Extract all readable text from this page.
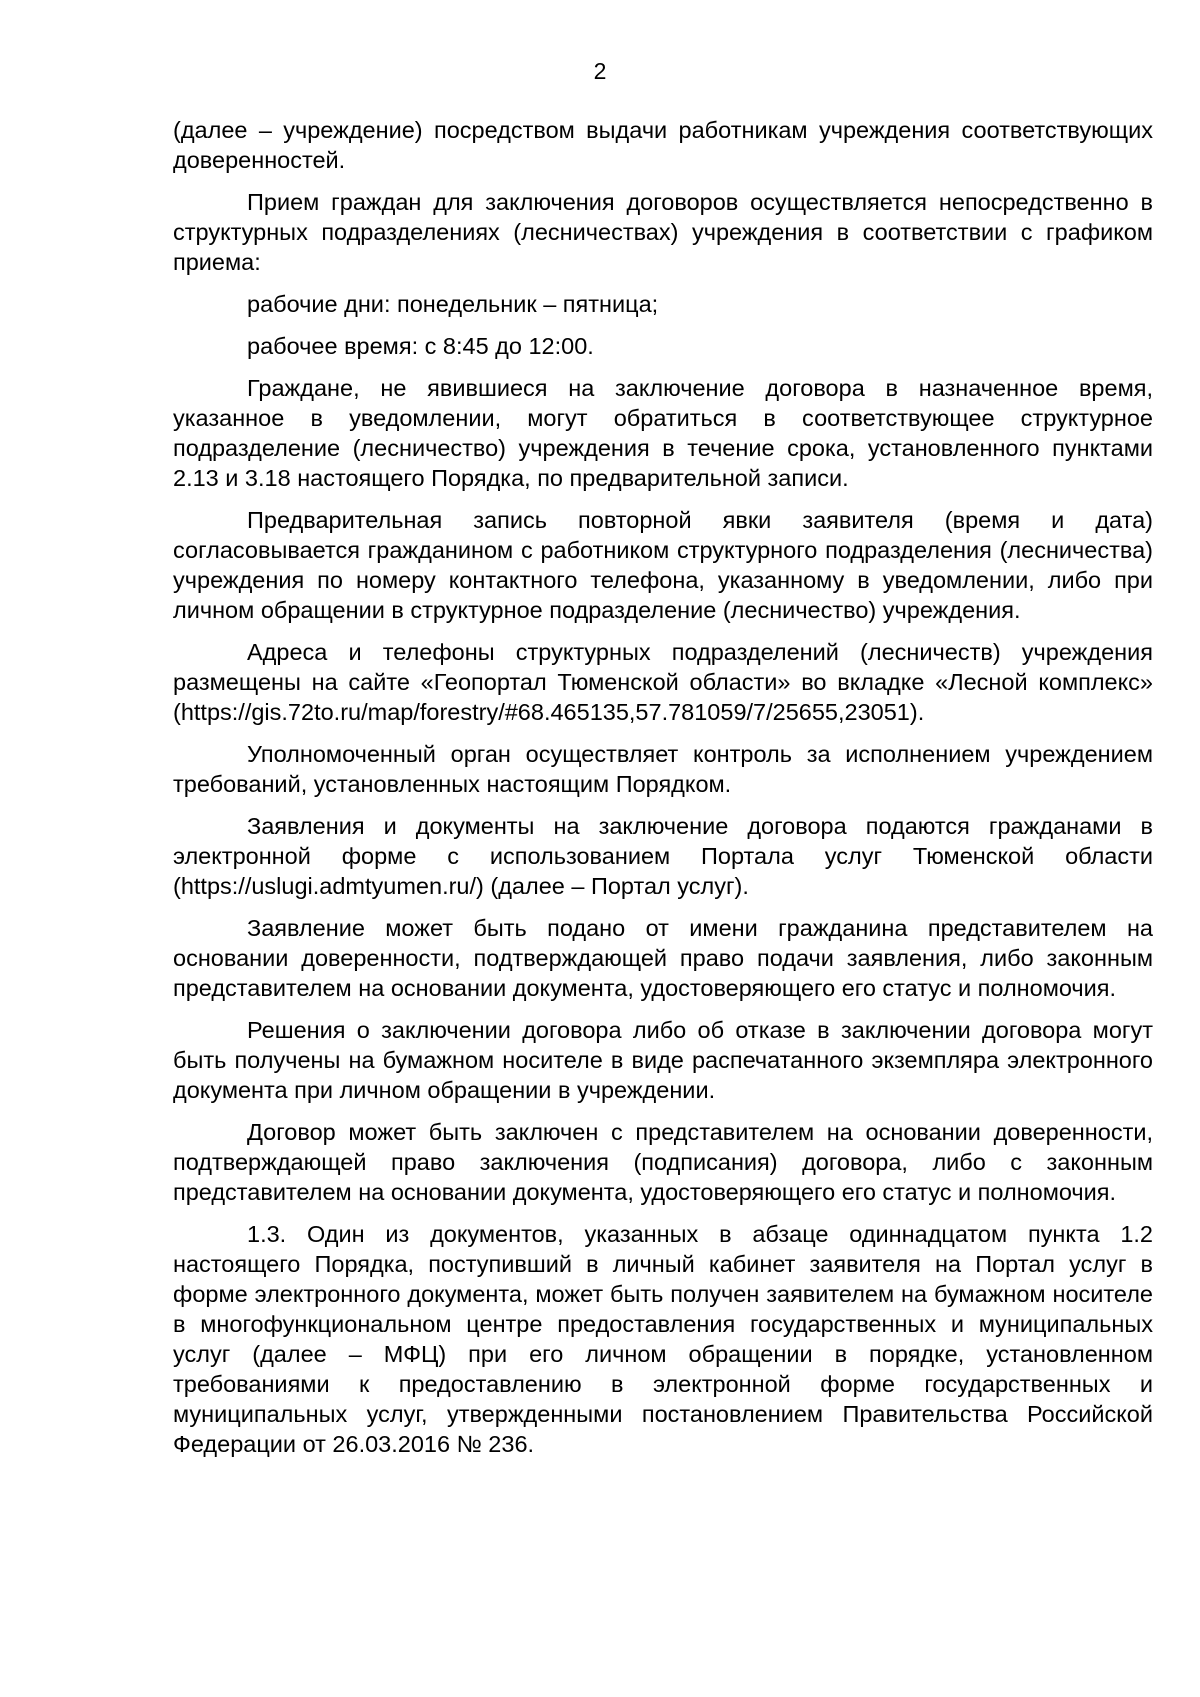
2

(далее – учреждение) посредством выдачи работникам учреждения соответствующих доверенностей.

Прием граждан для заключения договоров осуществляется непосредственно в структурных подразделениях (лесничествах) учреждения в соответствии с графиком приема:

рабочие дни: понедельник – пятница;

рабочее время: с 8:45 до 12:00.

Граждане, не явившиеся на заключение договора в назначенное время, указанное в уведомлении, могут обратиться в соответствующее структурное подразделение (лесничество) учреждения в течение срока, установленного пунктами 2.13 и 3.18 настоящего Порядка, по предварительной записи.

Предварительная запись повторной явки заявителя (время и дата) согласовывается гражданином с работником структурного подразделения (лесничества) учреждения по номеру контактного телефона, указанному в уведомлении, либо при личном обращении в структурное подразделение (лесничество) учреждения.

Адреса и телефоны структурных подразделений (лесничеств) учреждения размещены на сайте «Геопортал Тюменской области» во вкладке «Лесной комплекс» (https://gis.72to.ru/map/forestry/#68.465135,57.781059/7/25655,23051).

Уполномоченный орган осуществляет контроль за исполнением учреждением требований, установленных настоящим Порядком.

Заявления и документы на заключение договора подаются гражданами в электронной форме с использованием Портала услуг Тюменской области (https://uslugi.admtyumen.ru/) (далее – Портал услуг).

Заявление может быть подано от имени гражданина представителем на основании доверенности, подтверждающей право подачи заявления, либо законным представителем на основании документа, удостоверяющего его статус и полномочия.

Решения о заключении договора либо об отказе в заключении договора могут быть получены на бумажном носителе в виде распечатанного экземпляра электронного документа при личном обращении в учреждении.

Договор может быть заключен с представителем на основании доверенности, подтверждающей право заключения (подписания) договора, либо с законным представителем на основании документа, удостоверяющего его статус и полномочия.

1.3. Один из документов, указанных в абзаце одиннадцатом пункта 1.2 настоящего Порядка, поступивший в личный кабинет заявителя на Портал услуг в форме электронного документа, может быть получен заявителем на бумажном носителе в многофункциональном центре предоставления государственных и муниципальных услуг (далее – МФЦ) при его личном обращении в порядке, установленном требованиями к предоставлению в электронной форме государственных и муниципальных услуг, утвержденными постановлением Правительства Российской Федерации от 26.03.2016 № 236.
